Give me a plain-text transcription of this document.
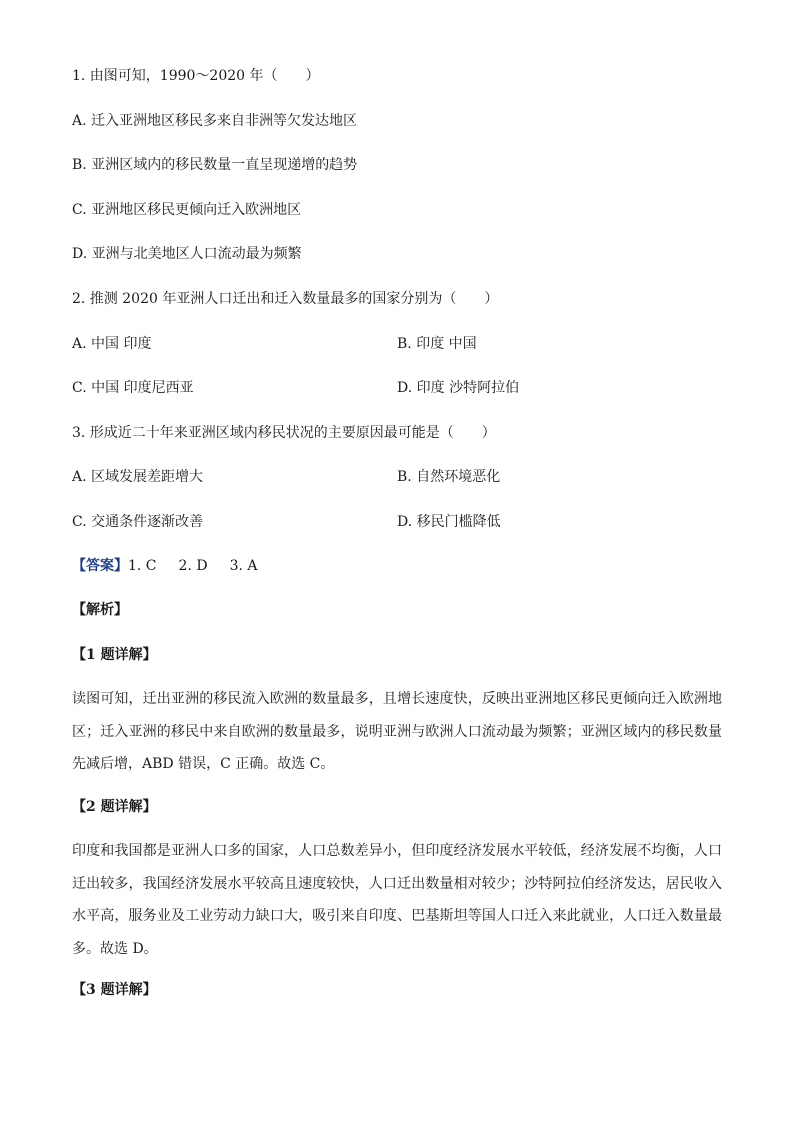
1. 由图可知，1990～2020 年（　　）
A. 迁入亚洲地区移民多来自非洲等欠发达地区
B. 亚洲区域内的移民数量一直呈现递增的趋势
C. 亚洲地区移民更倾向迁入欧洲地区
D. 亚洲与北美地区人口流动最为频繁
2. 推测 2020 年亚洲人口迁出和迁入数量最多的国家分别为（　　）
A. 中国 印度	B. 印度 中国
C. 中国 印度尼西亚	D. 印度 沙特阿拉伯
3. 形成近二十年来亚洲区域内移民状况的主要原因最可能是（　　）
A. 区域发展差距增大	B. 自然环境恶化
C. 交通条件逐渐改善	D. 移民门槛降低
【答案】1. C 2. D 3. A
【解析】
【1 题详解】
读图可知，迁出亚洲的移民流入欧洲的数量最多，且增长速度快，反映出亚洲地区移民更倾向迁入欧洲地区；迁入亚洲的移民中来自欧洲的数量最多，说明亚洲与欧洲人口流动最为频繁；亚洲区域内的移民数量先减后增，ABD 错误，C 正确。故选 C。
【2 题详解】
印度和我国都是亚洲人口多的国家，人口总数差异小，但印度经济发展水平较低，经济发展不均衡，人口迁出较多，我国经济发展水平较高且速度较快，人口迁出数量相对较少；沙特阿拉伯经济发达，居民收入水平高，服务业及工业劳动力缺口大，吸引来自印度、巴基斯坦等国人口迁入来此就业，人口迁入数量最多。故选 D。
【3 题详解】
